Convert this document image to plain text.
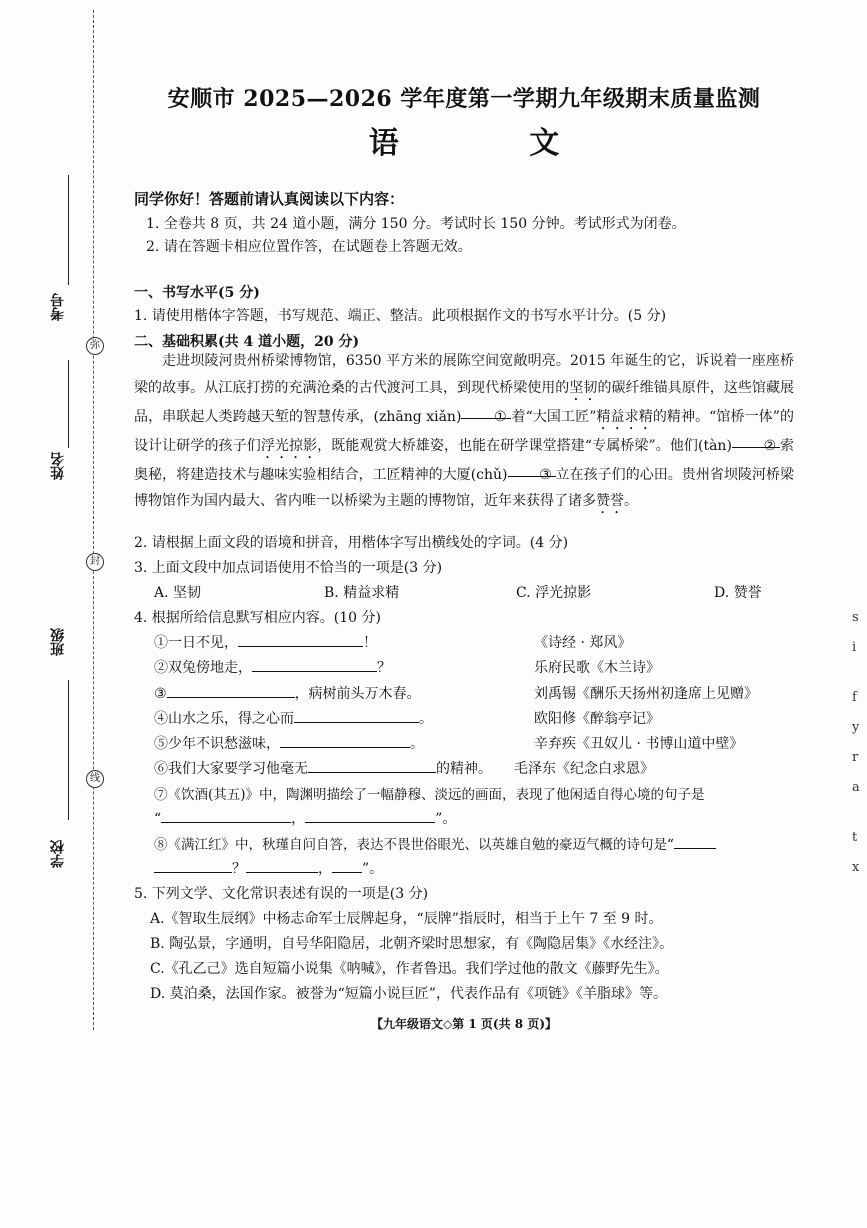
弥
封
线
考号
姓名
班级
学校
安顺市 2025—2026 学年度第一学期九年级期末质量监测
语 文
同学你好！答题前请认真阅读以下内容：
1. 全卷共 8 页，共 24 道小题，满分 150 分。考试时长 150 分钟。考试形式为闭卷。
2. 请在答题卡相应位置作答，在试题卷上答题无效。
一、书写水平(5 分)
1. 请使用楷体字答题，书写规范、端正、整洁。此项根据作文的书写水平计分。(5 分)
二、基础积累(共 4 道小题，20 分)
走进坝陵河贵州桥梁博物馆，6350 平方米的展陈空间宽敞明亮。2015 年诞生的它，诉说着一座座桥梁的故事。从江底打捞的充满沧桑的古代渡河工具，到现代桥梁使用的坚韧的碳纤维锚具原件，这些馆藏展品，串联起人类跨越天堑的智慧传承，(zhāng xiǎn) ① 着“大国工匠”精益求精的精神。“馆桥一体”的设计让研学的孩子们浮光掠影，既能观赏大桥雄姿，也能在研学课堂搭建“专属桥梁”。他们(tàn) ② 索奥秘，将建造技术与趣味实验相结合，工匠精神的大厦(chǔ) ③ 立在孩子们的心田。贵州省坝陵河桥梁博物馆作为国内最大、省内唯一以桥梁为主题的博物馆，近年来获得了诸多赞誉。
2. 请根据上面文段的语境和拼音，用楷体字写出横线处的字词。(4 分)
3. 上面文段中加点词语使用不恰当的一项是(3 分)
A. 坚韧	B. 精益求精	C. 浮光掠影	D. 赞誉
4. 根据所给信息默写相应内容。(10 分)
①一日不见，	！	《诗经 · 郑风》
②双兔傍地走，	？	乐府民歌《木兰诗》
③	，病树前头万木春。	刘禹锡《酬乐天扬州初逢席上见赠》
④山水之乐，得之心而	。	欧阳修《醉翁亭记》
⑤少年不识愁滋味，	。	辛弃疾《丑奴儿 · 书博山道中壁》
⑥我们大家要学习他毫无	的精神。 毛泽东《纪念白求恩》
⑦《饮酒(其五)》中，陶渊明描绘了一幅静穆、淡远的画面，表现了他闲适自得心境的句子是
“	，	”。
⑧《满江红》中，秋瑾自问自答，表达不畏世俗眼光、以英雄自勉的豪迈气概的诗句是“
？	， ”。
5. 下列文学、文化常识表述有误的一项是(3 分)
A.《智取生辰纲》中杨志命军士辰牌起身，“辰牌”指辰时，相当于上午 7 至 9 时。
B. 陶弘景，字通明，自号华阳隐居，北朝齐梁时思想家，有《陶隐居集》《水经注》。
C.《孔乙己》选自短篇小说集《呐喊》，作者鲁迅。我们学过他的散文《藤野先生》。
D. 莫泊桑，法国作家。被誉为“短篇小说巨匠”，代表作品有《项链》《羊脂球》等。
【九年级语文◇第 1 页(共 8 页)】
s
i
f
y
r
a
t
x
